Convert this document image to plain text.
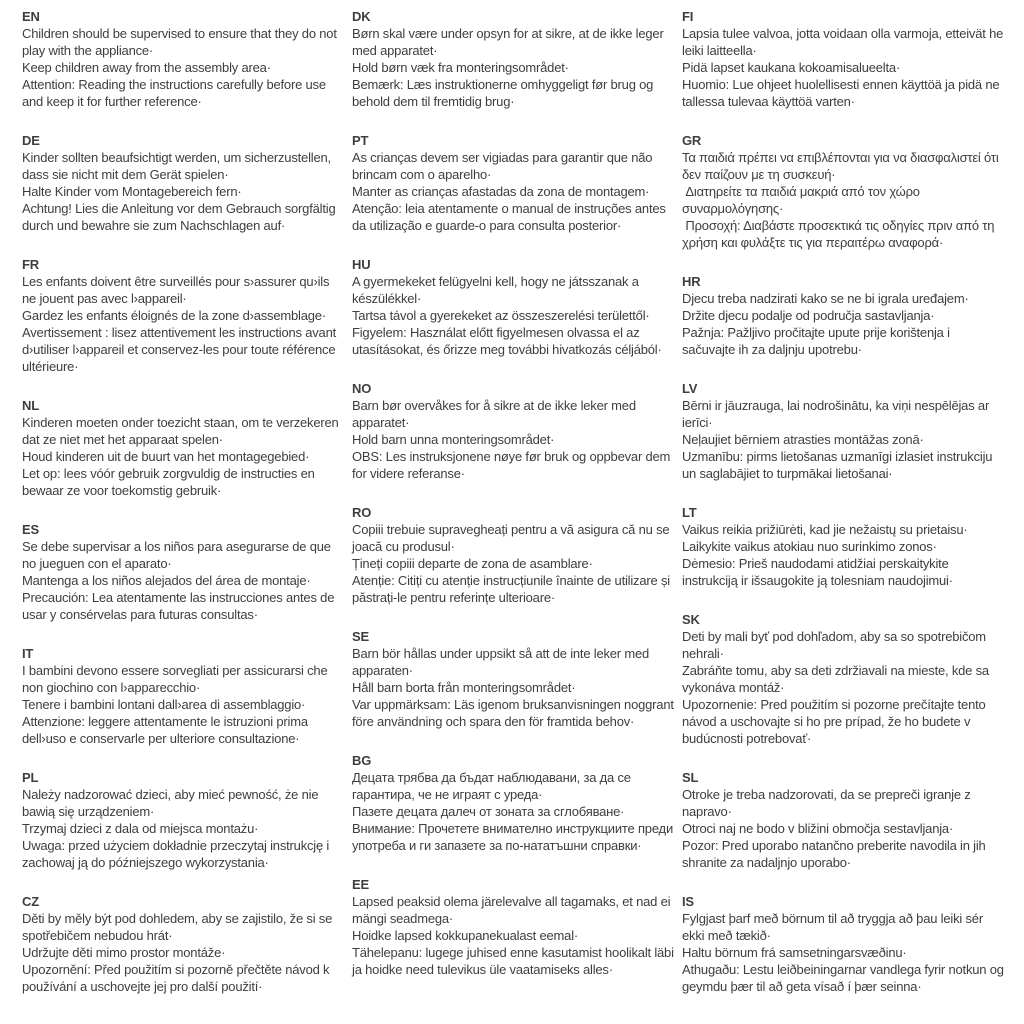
EN

Children should be supervised to ensure that they do not play with the appliance·

Keep children away from the assembly area·

Attention: Reading the instructions carefully before use and keep it for further reference·

DE

Kinder sollten beaufsichtigt werden, um sicherzustellen, dass sie nicht mit dem Gerät spielen·

Halte Kinder vom Montagebereich fern·

Achtung! Lies die Anleitung vor dem Gebrauch sorgfältig durch und bewahre sie zum Nachschlagen auf·

FR

Les enfants doivent être surveillés pour s›assurer qu›ils ne jouent pas avec l›appareil·

Gardez les enfants éloignés de la zone d›assemblage·

Avertissement : lisez attentivement les instructions avant d›utiliser l›appareil et conservez-les pour toute référence ultérieure·

NL

Kinderen moeten onder toezicht staan, om te verzekeren dat ze niet met het apparaat spelen·

Houd kinderen uit de buurt van het montagegebied·

Let op: lees vóór gebruik zorgvuldig de instructies en bewaar ze voor toekomstig gebruik·

ES

Se debe supervisar a los niños para asegurarse de que no jueguen con el aparato·

Mantenga a los niños alejados del área de montaje·

Precaución: Lea atentamente las instrucciones antes de usar y consérvelas para futuras consultas·

IT

I bambini devono essere sorvegliati per assicurarsi che non giochino con l›apparecchio·

Tenere i bambini lontani dall›area di assemblaggio·

Attenzione: leggere attentamente le istruzioni prima dell›uso e conservarle per ulteriore consultazione·

PL

Należy nadzorować dzieci, aby mieć pewność, że nie bawią się urządzeniem·

Trzymaj dzieci z dala od miejsca montażu·

Uwaga: przed użyciem dokładnie przeczytaj instrukcję i zachowaj ją do późniejszego wykorzystania·

CZ

Děti by měly být pod dohledem, aby se zajistilo, že si se spotřebičem nebudou hrát·

Udržujte děti mimo prostor montáže·

Upozornění: Před použitím si pozorně přečtěte návod k používání a uschovejte jej pro další použití·

DK

Børn skal være under opsyn for at sikre, at de ikke leger med apparatet·

Hold børn væk fra monteringsområdet·

Bemærk: Læs instruktionerne omhyggeligt før brug og behold dem til fremtidig brug·

PT

As crianças devem ser vigiadas para garantir que não brincam com o aparelho·

Manter as crianças afastadas da zona de montagem·

Atenção: leia atentamente o manual de instruções antes da utilização e guarde-o para consulta posterior·

HU

A gyermekeket felügyelni kell, hogy ne játsszanak a készülékkel·

Tartsa távol a gyerekeket az összeszerelési területtől·

Figyelem: Használat előtt figyelmesen olvassa el az utasításokat, és őrizze meg további hivatkozás céljából·

NO

Barn bør overvåkes for å sikre at de ikke leker med apparatet·

Hold barn unna monteringsområdet·

OBS: Les instruksjonene nøye før bruk og oppbevar dem for videre referanse·

RO

Copiii trebuie supravegheați pentru a vă asigura că nu se joacă cu produsul·

Țineți copiii departe de zona de asamblare·

Atenție: Citiți cu atenție instrucțiunile înainte de utilizare și păstrați-le pentru referințe ulterioare·

SE

Barn bör hållas under uppsikt så att de inte leker med apparaten·

Håll barn borta från monteringsområdet·

Var uppmärksam: Läs igenom bruksanvisningen noggrant före användning och spara den för framtida behov·

BG

Децата трябва да бъдат наблюдавани, за да се гарантира, че не играят с уреда·

Пазете децата далеч от зоната за сглобяване·

Внимание: Прочетете внимателно инструкциите преди употреба и ги запазете за по-нататъшни справки·

EE

Lapsed peaksid olema järelevalve all tagamaks, et nad ei mängi seadmega·

Hoidke lapsed kokkupanekualast eemal·

Tähelepanu: lugege juhised enne kasutamist hoolikalt läbi ja hoidke need tulevikus üle vaatamiseks alles·

FI

Lapsia tulee valvoa, jotta voidaan olla varmoja, etteivät he leiki laitteella·

Pidä lapset kaukana kokoamisalueelta·

Huomio: Lue ohjeet huolellisesti ennen käyttöä ja pidä ne tallessa tulevaa käyttöä varten·

GR

Τα παιδιά πρέπει να επιβλέπονται για να διασφαλιστεί ότι δεν παίζουν με τη συσκευή·

Διατηρείτε τα παιδιά μακριά από τον χώρο συναρμολόγησης·

Προσοχή: Διαβάστε προσεκτικά τις οδηγίες πριν από τη χρήση και φυλάξτε τις για περαιτέρω αναφορά·

HR

Djecu treba nadzirati kako se ne bi igrala uređajem·

Držite djecu podalje od područja sastavljanja·

Pažnja: Pažljivo pročitajte upute prije korištenja i sačuvajte ih za daljnju upotrebu·

LV

Bērni ir jāuzrauga, lai nodrošinātu, ka viņi nespēlējas ar ierīci·

Neļaujiet bērniem atrasties montāžas zonā·

Uzmanību: pirms lietošanas uzmanīgi izlasiet instrukciju un saglabājiet to turpmākai lietošanai·

LT

Vaikus reikia prižiūrėti, kad jie nežaistų su prietaisu·

Laikykite vaikus atokiau nuo surinkimo zonos·

Dėmesio: Prieš naudodami atidžiai perskaitykite instrukciją ir išsaugokite ją tolesniam naudojimui·

SK

Deti by mali byť pod dohľadom, aby sa so spotrebičom nehrali·

Zabráňte tomu, aby sa deti zdržiavali na mieste, kde sa vykonáva montáž·

Upozornenie: Pred použitím si pozorne prečítajte tento návod a uschovajte si ho pre prípad, že ho budete v budúcnosti potrebovať·

SL

Otroke je treba nadzorovati, da se prepreči igranje z napravo·

Otroci naj ne bodo v bližini območja sestavljanja·

Pozor: Pred uporabo natančno preberite navodila in jih shranite za nadaljnjo uporabo·

IS

Fylgjast þarf með börnum til að tryggja að þau leiki sér ekki með tækið·

Haltu börnum frá samsetningarsvæðinu·

Athugaðu: Lestu leiðbeiningarnar vandlega fyrir notkun og geymdu þær til að geta vísað í þær seinna·
